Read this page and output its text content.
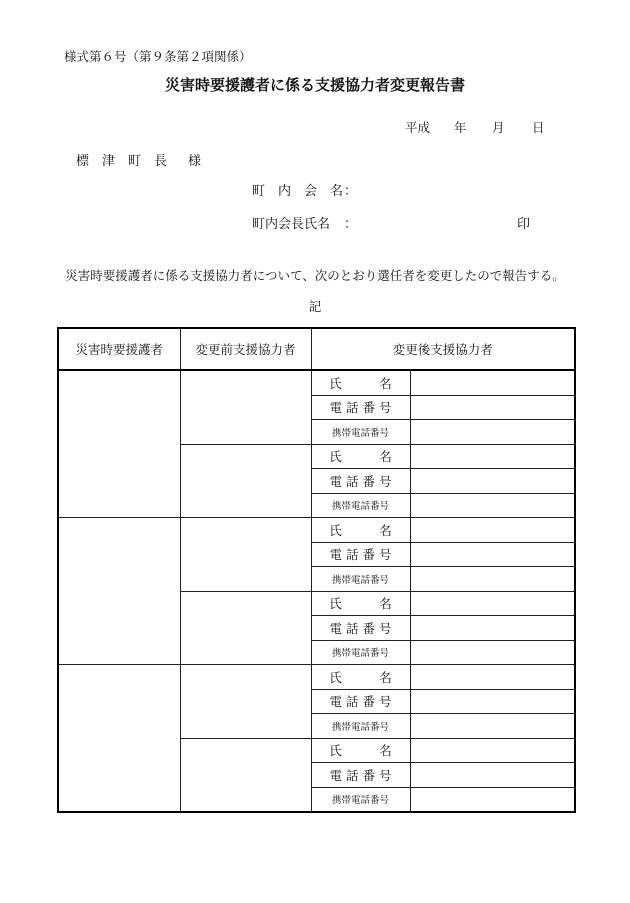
様式第６号（第９条第２項関係）
災害時要援護者に係る支援協力者変更報告書
平成 年 月 日
標　津　町　長 様
町　内　会　名 ：
町内会長氏名 ：	印
災害時要援護者に係る支援協力者について、次のとおり選任者を変更したので報告する。
記
災害時要援護者	変更前支援協力者	変更後支援協力者	
		氏　　　名	
		電 話 番 号	
		携帯電話番号	
		氏　　　名	
		電 話 番 号	
		携帯電話番号	
		氏　　　名	
		電 話 番 号	
		携帯電話番号	
		氏　　　名	
		電 話 番 号	
		携帯電話番号	
		氏　　　名	
		電 話 番 号	
		携帯電話番号	
		氏　　　名	
		電 話 番 号	
		携帯電話番号	
